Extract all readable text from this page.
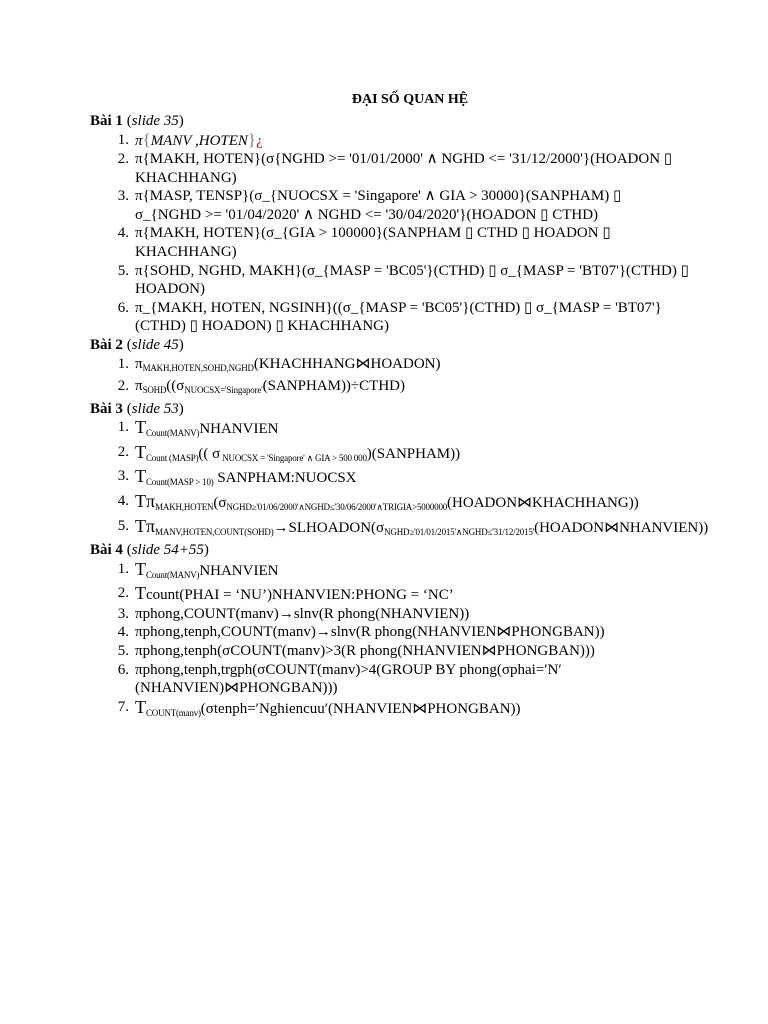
ĐẠI SỐ QUAN HỆ
Bài 1 (slide 35)
1. π{MANV ,HOTEN}¿
2. π{MAKH, HOTEN}(σ{NGHD >= '01/01/2000' ∧ NGHD <= '31/12/2000'}(HOADON ▯ KHACHHANG)
3. π{MASP, TENSP}(σ_{NUOCSX = 'Singapore' ∧ GIA > 30000}(SANPHAM) ▯ σ_{NGHD >= '01/04/2020' ∧ NGHD <= '30/04/2020'}(HOADON ▯ CTHD)
4. π{MAKH, HOTEN}(σ_{GIA > 100000}(SANPHAM ▯ CTHD ▯ HOADON ▯ KHACHHANG)
5. π{SOHD, NGHD, MAKH}(σ_{MASP = 'BC05'}(CTHD) ▯ σ_{MASP = 'BT07'}(CTHD) ▯ HOADON)
6. π_{MAKH, HOTEN, NGSINH}((σ_{MASP = 'BC05'}(CTHD) ▯ σ_{MASP = 'BT07'}(CTHD) ▯ HOADON) ▯ KHACHHANG)
Bài 2 (slide 45)
1. $\pi_{MAKH,HOTEN,SOHD,NGHD}(KHACHHANG⋈HOADON)$
2. $\pi_{SOHD}((\sigma_{NUOCSX='Singapore'}(SANPHAM))\div CTHD)$
Bài 3 (slide 53)
1. $T_{Count(MANV)}NHANVIEN$
2. $T_{Count (MASP)}$(( σ $_{NUOCSX = 'Singapore' \wedge GIA > 500 000}$)(SANPHAM))
3. $T_{Count(MASP > 10)}$ SANPHAM:NUOCSX
4. $T\pi_{MAKH,HOTEN}(\sigma_{NGHD\ge'01/06/2000'\wedge NGHD\le'30/06/2000'\wedge TRIGIA>5000000}(HOADON⋈KHACHHANG))$
5. $T\pi_{MANV,HOTEN,COUNT(SOHD)}\to SLHOADON(\sigma_{NGHD\ge'01/01/2015'\wedge NGHD\le'31/12/2015'}(HOADON⋈NHANVIEN))$
Bài 4 (slide 54+55)
1. $T_{Count(MANV)}NHANVIEN$
2. Tcount(PHAI = ‘NU’)NHANVIEN:PHONG = ‘NC’
3. πphong,COUNT(manv)→slnv(R phong(NHANVIEN))
4. πphong,tenph,COUNT(manv)→slnv(R phong(NHANVIEN⋈PHONGBAN))
5. πphong,tenph(σCOUNT(manv)>3(R phong(NHANVIEN⋈PHONGBAN)))
6. πphong,tenph,trgph(σCOUNT(manv)>4(GROUP BY phong(σphai=′N′ (NHANVIEN)⋈PHONGBAN)))
7. $T_{COUNT(manv)}(\sigma tenph='Nghiencuu'(NHANVIEN⋈PHONGBAN))$
